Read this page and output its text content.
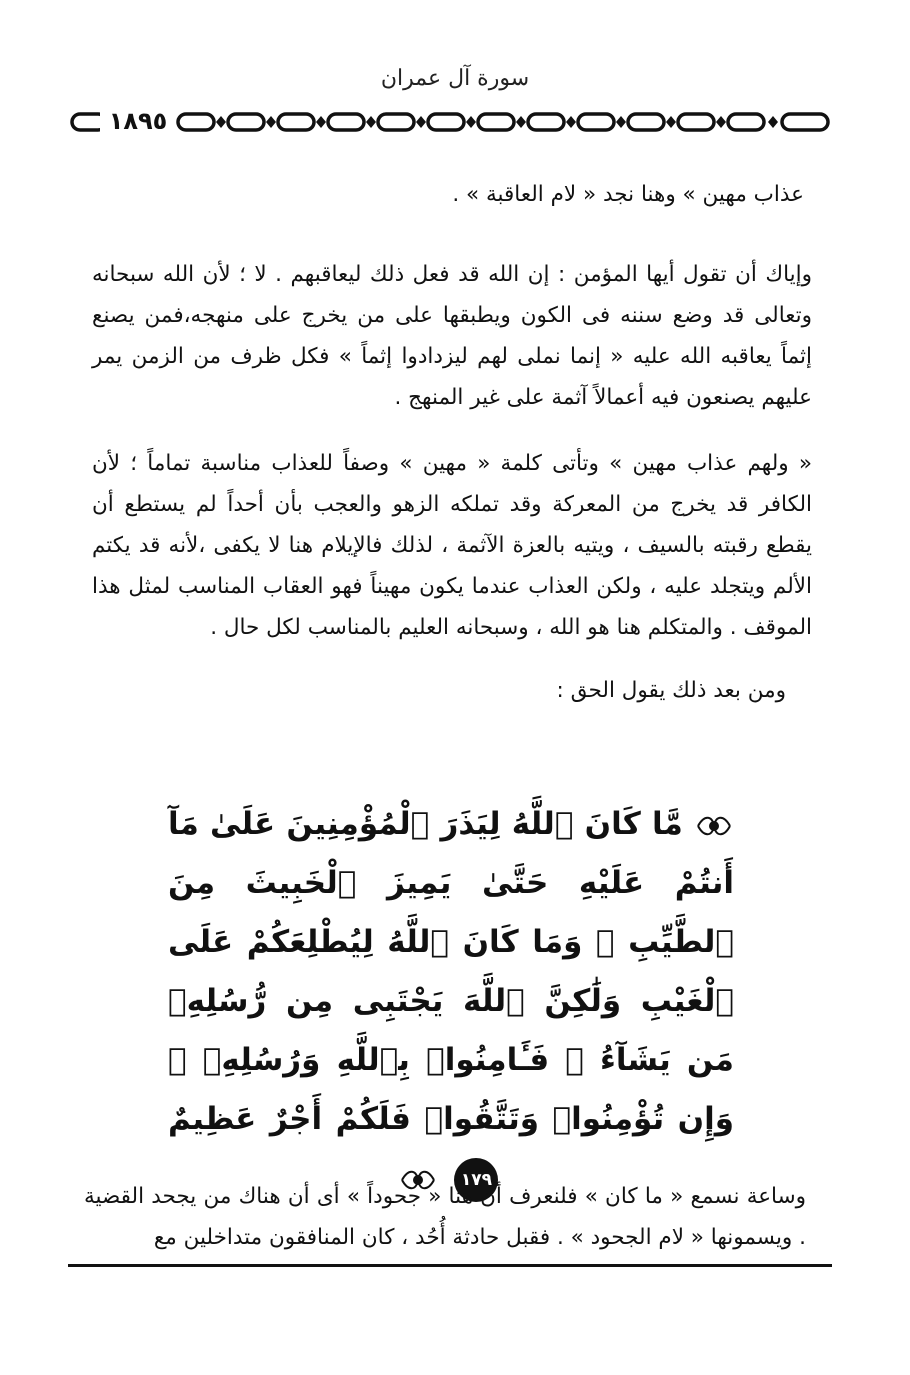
سورة آل عمران
١٨٩٥

عذاب مهين » وهنا نجد « لام العاقبة » .

وإياك أن تقول أيها المؤمن : إن الله قد فعل ذلك ليعاقبهم . لا ؛ لأن الله سبحانه وتعالى قد وضع سننه فى الكون ويطبقها على من يخرج على منهجه،فمن يصنع إثماً يعاقبه الله عليه « إنما نملى لهم ليزدادوا إثماً » فكل ظرف من الزمن يمر عليهم يصنعون فيه أعمالاً آثمة على غير المنهج .

« ولهم عذاب مهين » وتأتى كلمة « مهين » وصفاً للعذاب مناسبة تماماً ؛ لأن الكافر قد يخرج من المعركة وقد تملكه الزهو والعجب بأن أحداً لم يستطع أن يقطع رقبته بالسيف ، ويتيه بالعزة الآثمة ، لذلك فالإيلام هنا لا يكفى ،لأنه قد يكتم الألم ويتجلد عليه ، ولكن العذاب عندما يكون مهيناً فهو العقاب المناسب لمثل هذا الموقف . والمتكلم هنا هو الله ، وسبحانه العليم بالمناسب لكل حال .

ومن بعد ذلك يقول الحق :

مَّا كَانَ ٱللَّهُ لِيَذَرَ ٱلْمُؤْمِنِينَ عَلَىٰ مَآ أَنتُمْ عَلَيْهِ حَتَّىٰ يَمِيزَ ٱلْخَبِيثَ مِنَ ٱلطَّيِّبِ ۗ وَمَا كَانَ ٱللَّهُ لِيُطْلِعَكُمْ عَلَى ٱلْغَيْبِ وَلَٰكِنَّ ٱللَّهَ يَجْتَبِى مِن رُّسُلِهِۦ مَن يَشَآءُ ۖ فَـَٔامِنُوا۟ بِٱللَّهِ وَرُسُلِهِۦ ۚ وَإِن تُؤْمِنُوا۟ وَتَتَّقُوا۟ فَلَكُمْ أَجْرٌ عَظِيمٌ ١٧٩

وساعة نسمع « ما كان » فلنعرف أن هنا « جحوداً » أى أن هناك من يجحد القضية . ويسمونها « لام الجحود » . فقبل حادثة أُحُد ، كان المنافقون متداخلين مع
